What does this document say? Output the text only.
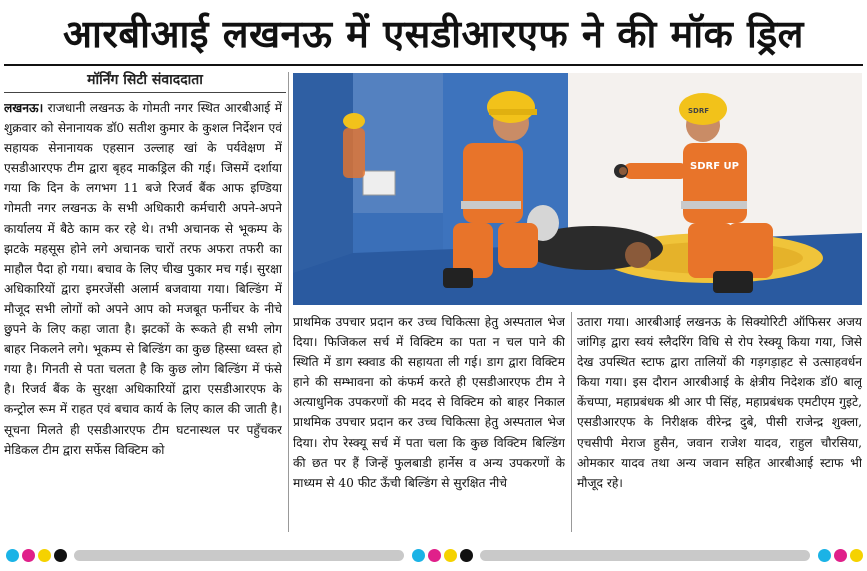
आरबीआई लखनऊ में एसडीआरएफ ने की मॉक ड्रिल
मॉर्निंग सिटी संवाददाता
लखनऊ। राजधानी लखनऊ के गोमती नगर स्थित आरबीआई में शुक्रवार को सेनानायक डॉ0 सतीश कुमार के कुशल निर्देशन एवं सहायक सेनानायक एहसान उल्लाह खां के पर्यवेक्षण में एसडीआरएफ टीम द्वारा बृहद माकड्रिल की गई। जिसमें दर्शाया गया कि दिन के लगभग 11 बजे रिजर्व बैंक आफ इण्डिया गोमती नगर लखनऊ के सभी अधिकारी कर्मचारी अपने-अपने कार्यालय में बैठे काम कर रहे थे। तभी अचानक से भूकम्प के झटके महसूस होने लगे अचानक चारों तरफ अफरा तफरी का माहौल पैदा हो गया। बचाव के लिए चीख पुकार मच गई। सुरक्षा अधिकारियों द्वारा इमरजेंसी अलार्म बजवाया गया। बिल्डिंग में मौजूद सभी लोगों को अपने आप को मजबूत फर्नीचर के नीचे छुपने के लिए कहा जाता है। झटकों के रूकते ही सभी लोग बाहर निकलने लगे। भूकम्प से बिल्डिंग का कुछ हिस्सा ध्वस्त हो गया है। गिनती से पता चलता है कि कुछ लोग बिल्डिंग में फंसे है। रिजर्व बैंक के सुरक्षा अधिकारियों द्वारा एसडीआरएफ के कन्ट्रोल रूम में राहत एवं बचाव कार्य के लिए काल की जाती है। सूचना मिलते ही एसडीआरएफ टीम घटनास्थल पर पहुँचकर मेडिकल टीम द्वारा सर्फेस विक्टिम को
SDRF UP
SDRF
प्राथमिक उपचार प्रदान कर उच्च चिकित्सा हेतु अस्पताल भेज दिया। फिजिकल सर्च में विक्टिम का पता न चल पाने की स्थिति में डाग स्क्वाड की सहायता ली गई। डाग द्वारा विक्टिम हाने की सम्भावना को कंफर्म करते ही एसडीआरएफ टीम ने अत्याधुनिक उपकरणों की मदद से विक्टिम को बाहर निकाल प्राथमिक उपचार प्रदान कर उच्च चिकित्सा हेतु अस्पताल भेज दिया। रोप रेस्क्यू सर्च में पता चला कि कुछ विक्टिम बिल्डिंग की छत पर हैं जिन्हें फुलबाडी हार्नेस व अन्य उपकरणों के माध्यम से 40 फीट ऊँची बिल्डिंग से सुरक्षित नीचे
उतारा गया। आरबीआई लखनऊ के सिक्योरिटी ऑफिसर अजय जांगिड़ द्वारा स्वयं स्लैदरिंग विधि से रोप रेस्क्यू किया गया, जिसे देख उपस्थित स्टाफ द्वारा तालियों की गड़गड़ाहट से उत्साहवर्धन किया गया। इस दौरान आरबीआई के क्षेत्रीय निदेशक डॉ0 बालू केंचप्पा, महाप्रबंधक श्री आर पी सिंह, महाप्रबंधक एमटीएम गुइटे, एसडीआरएफ के निरीक्षक वीरेन्द्र दुबे, पीसी राजेन्द्र शुक्ला, एचसीपी मेराज हुसैन, जवान राजेश यादव, राहुल चौरसिया, ओमकार यादव तथा अन्य जवान सहित आरबीआई स्टाफ भी मौजूद रहे।
